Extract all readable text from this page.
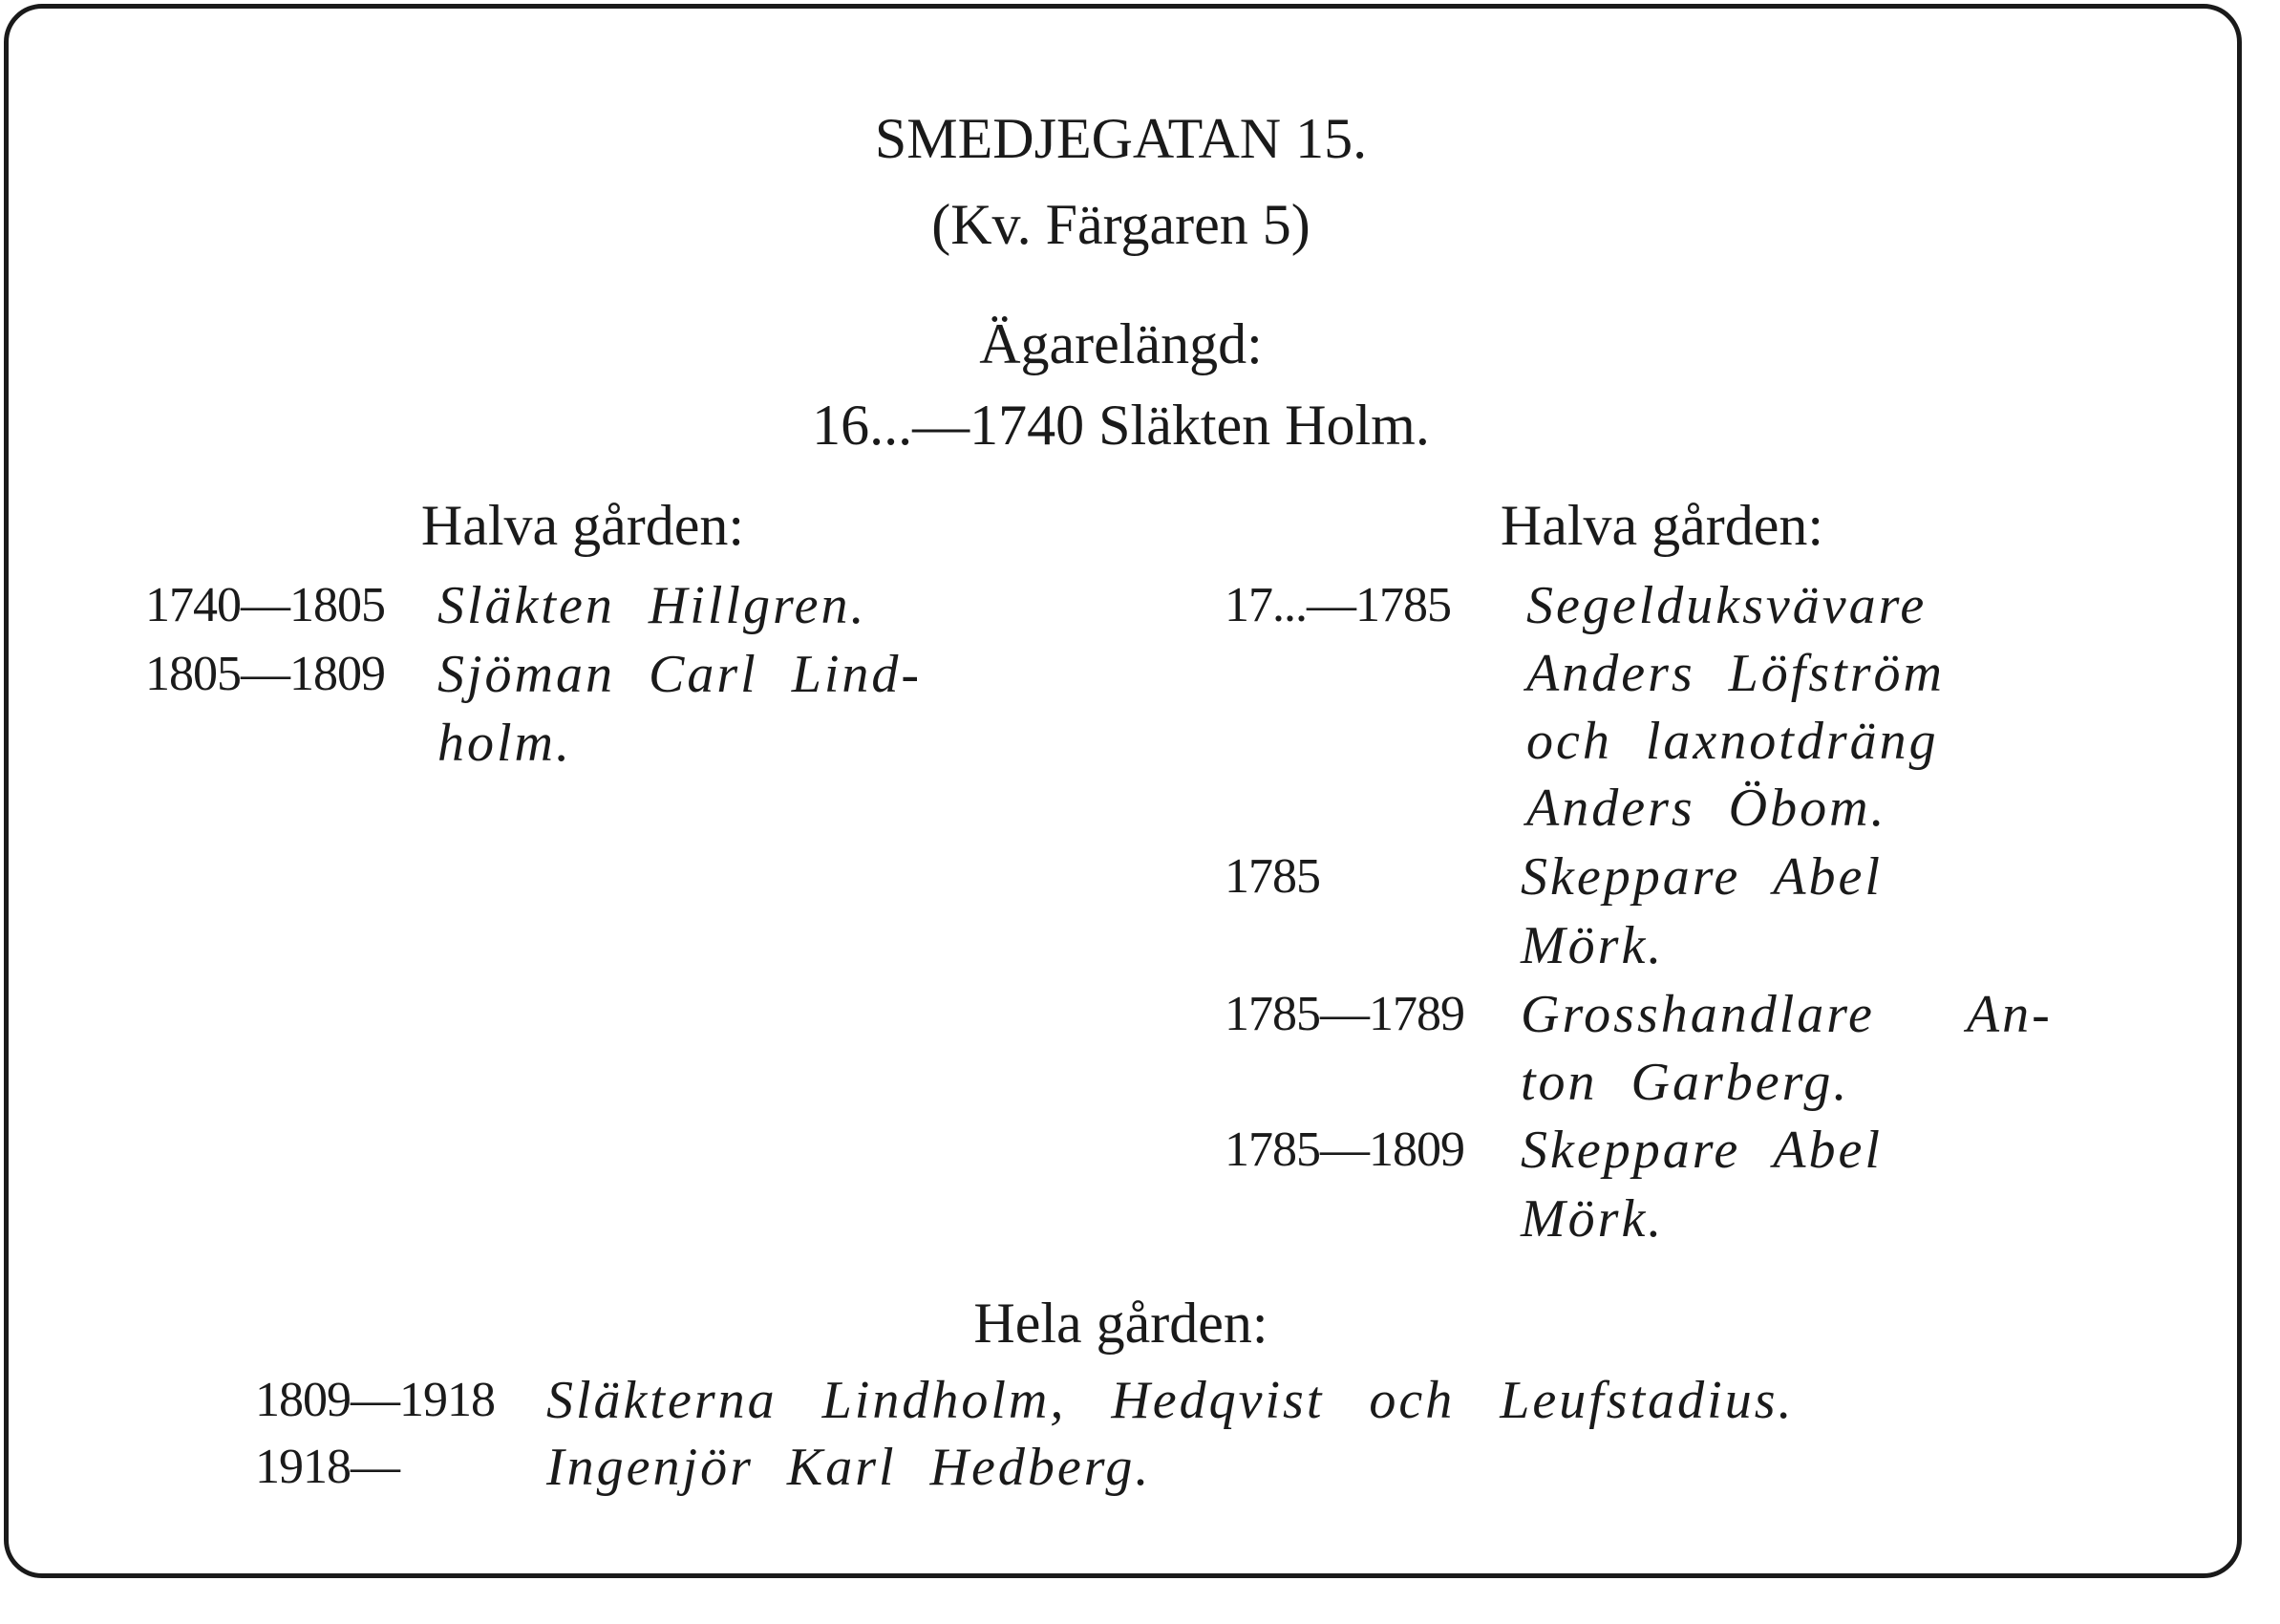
SMEDJEGATAN 15.
(Kv. Färgaren 5)
Ägarelängd:
16...—1740 Släkten Holm.
Halva gården:
1740—1805 Släkten Hillgren.
1805—1809 Sjöman Carl Lind-
holm.
Halva gården:
17...—1785 Segelduksvävare
Anders Löfström
och laxnotdräng
Anders Öbom.
1785	Skeppare Abel
Mörk.
1785—1789 Grosshandlare An-
ton Garberg.
1785—1809 Skeppare Abel
Mörk.
Hela gården:
1809—1918 Släkterna Lindholm, Hedqvist och Leufstadius.
1918—	Ingenjör Karl Hedberg.
